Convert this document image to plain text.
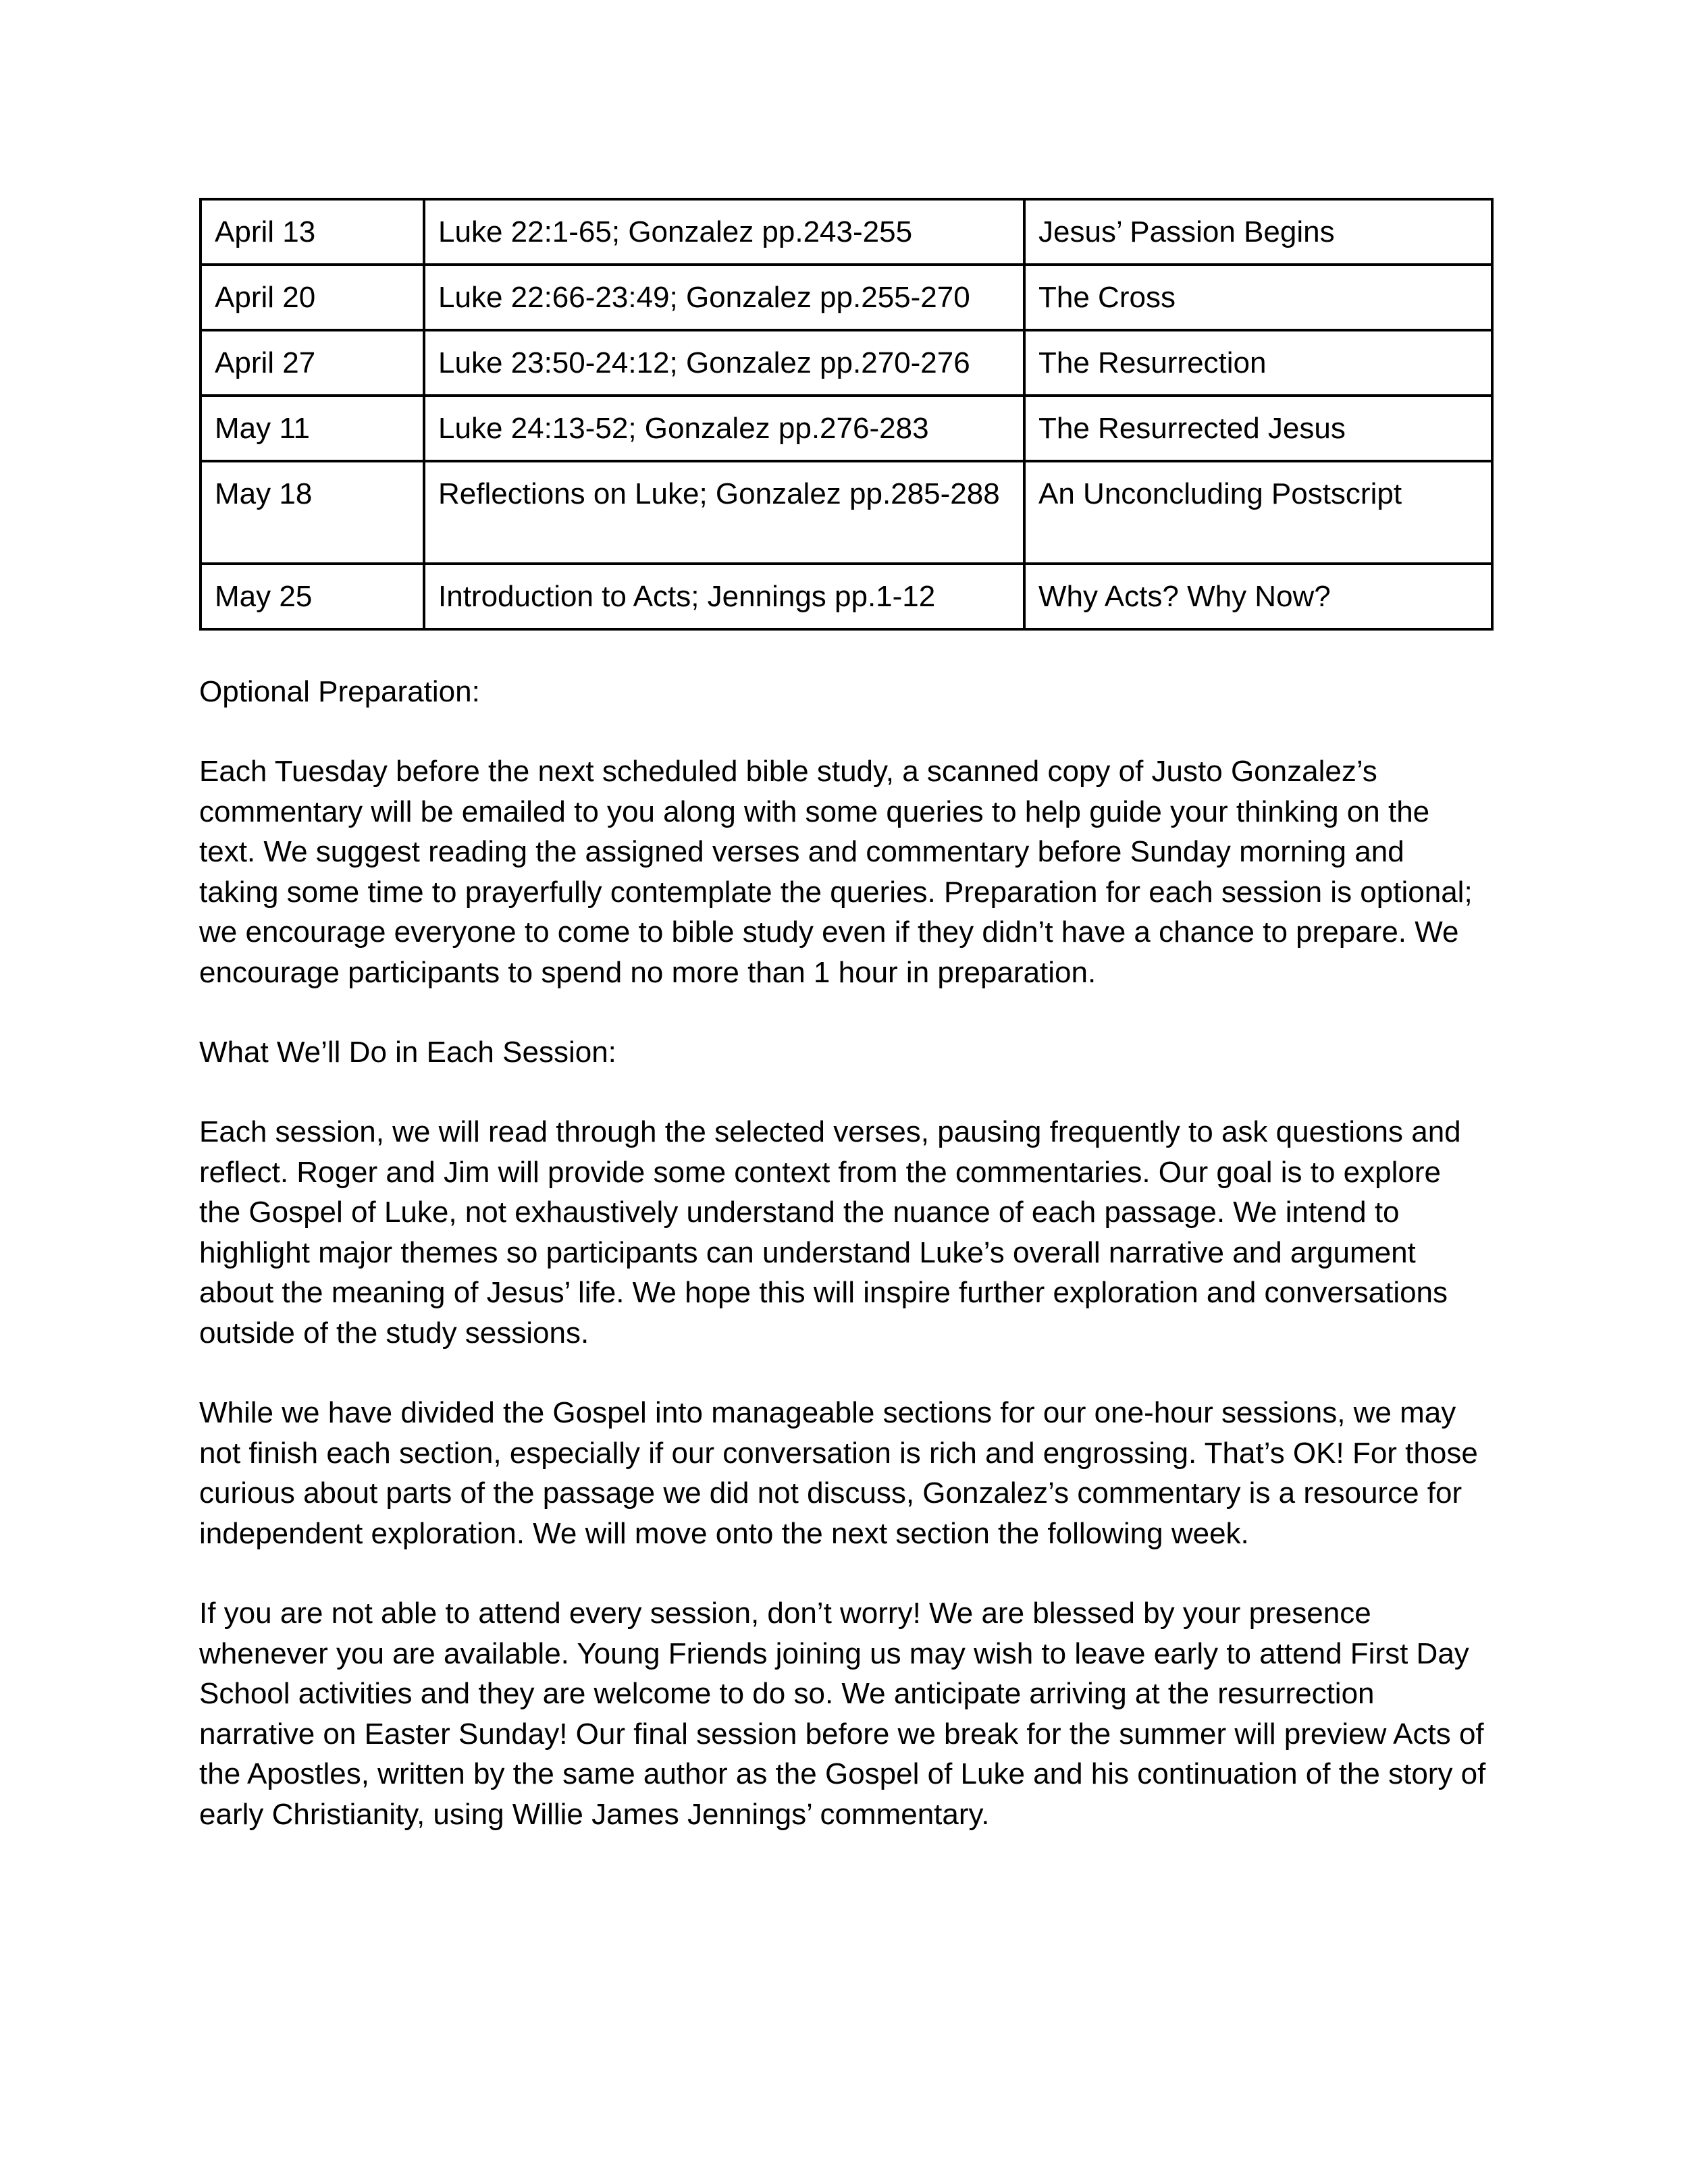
April 13	Luke 22:1-65; Gonzalez pp.243-255	Jesus’ Passion Begins
April 20	Luke 22:66-23:49; Gonzalez pp.255-270	The Cross
April 27	Luke 23:50-24:12; Gonzalez pp.270-276	The Resurrection
May 11	Luke 24:13-52; Gonzalez pp.276-283	The Resurrected Jesus
May 18	Reflections on Luke; Gonzalez pp.285-288	An Unconcluding Postscript
May 25	Introduction to Acts; Jennings pp.1-12	Why Acts? Why Now?

Optional Preparation:

Each Tuesday before the next scheduled bible study, a scanned copy of Justo Gonzalez’s commentary will be emailed to you along with some queries to help guide your thinking on the text. We suggest reading the assigned verses and commentary before Sunday morning and taking some time to prayerfully contemplate the queries. Preparation for each session is optional; we encourage everyone to come to bible study even if they didn’t have a chance to prepare. We encourage participants to spend no more than 1 hour in preparation.

What We’ll Do in Each Session:

Each session, we will read through the selected verses, pausing frequently to ask questions and reflect. Roger and Jim will provide some context from the commentaries. Our goal is to explore the Gospel of Luke, not exhaustively understand the nuance of each passage. We intend to highlight major themes so participants can understand Luke’s overall narrative and argument about the meaning of Jesus’ life. We hope this will inspire further exploration and conversations outside of the study sessions.

While we have divided the Gospel into manageable sections for our one-hour sessions, we may not finish each section, especially if our conversation is rich and engrossing. That’s OK! For those curious about parts of the passage we did not discuss, Gonzalez’s commentary is a resource for independent exploration. We will move onto the next section the following week.

If you are not able to attend every session, don’t worry! We are blessed by your presence whenever you are available. Young Friends joining us may wish to leave early to attend First Day School activities and they are welcome to do so. We anticipate arriving at the resurrection narrative on Easter Sunday! Our final session before we break for the summer will preview Acts of the Apostles, written by the same author as the Gospel of Luke and his continuation of the story of early Christianity, using Willie James Jennings’ commentary.
